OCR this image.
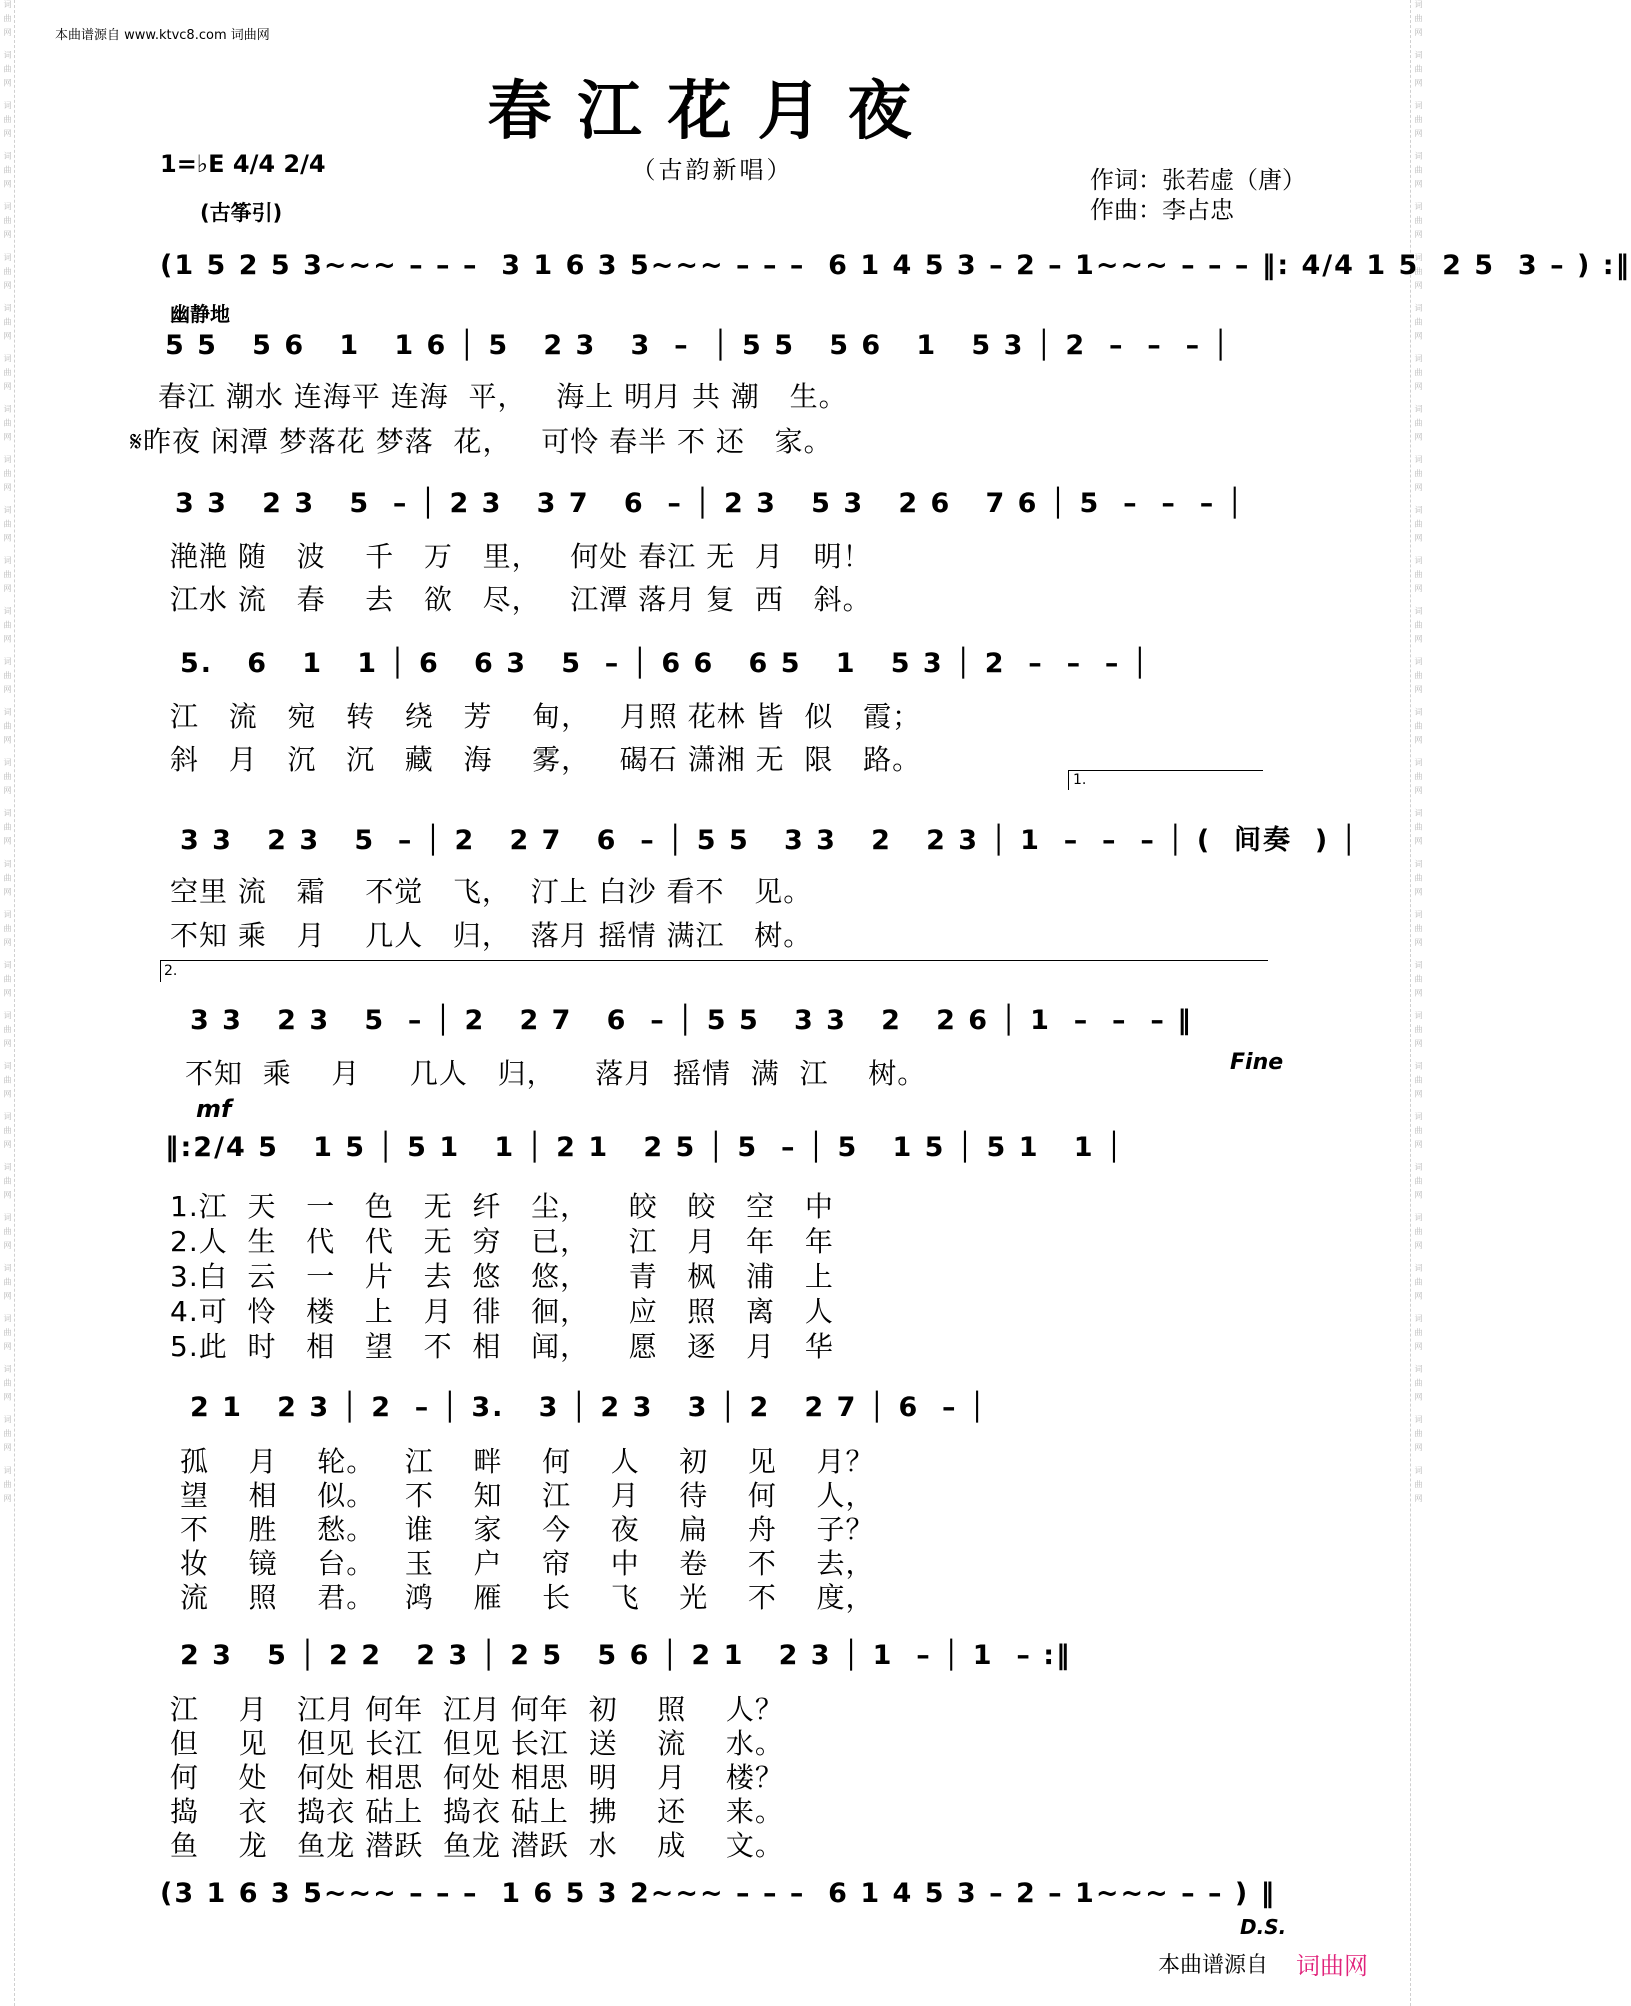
词曲网 词曲网 词曲网 词曲网 词曲网 词曲网 词曲网 词曲网 词曲网 词曲网 词曲网 词曲网 词曲网 词曲网 词曲网 词曲网 词曲网 词曲网 词曲网 词曲网 词曲网 词曲网 词曲网 词曲网 词曲网 词曲网 词曲网 词曲网 词曲网 词曲网	词曲网 词曲网 词曲网 词曲网 词曲网 词曲网 词曲网 词曲网 词曲网 词曲网 词曲网 词曲网 词曲网 词曲网 词曲网 词曲网 词曲网 词曲网 词曲网 词曲网 词曲网 词曲网 词曲网 词曲网 词曲网 词曲网 词曲网 词曲网 词曲网 词曲网
本曲谱源自 www.ktvc8.com 词曲网
春江花月夜
（古韵新唱）
1=♭E 4/4 2/4
作词：张若虚（唐）
作曲：李占忠
(古筝引)
(1 5 2 5 3~~~ – – –  3 1 6 3 5~~~ – – –  6 1 4 5 3 – 2 – 1~~~ – – – ‖: 4/4 1 5  2 5  3 – ) :‖
幽静地
5 5   5 6   1   1 6 │ 5   2 3   3  –  │ 5 5   5 6   1   5 3 │ 2  –  –  – │
春江 潮水 连海平 连海  平，   海上 明月 共 潮   生。
𝄋昨夜 闲潭 梦落花 梦落  花，   可怜 春半 不 还   家。
3 3   2 3   5  – │ 2 3   3 7   6  – │ 2 3   5 3   2 6   7 6 │ 5  –  –  – │
滟滟 随   波    千   万   里，   何处 春江 无  月   明！
江水 流   春    去   欲   尽，   江潭 落月 复  西   斜。
5.   6   1   1 │ 6   6 3   5  – │ 6 6   6 5   1   5 3 │ 2  –  –  – │
江   流   宛   转   绕   芳    甸，   月照 花林 皆  似   霞；
斜   月   沉   沉   藏   海    雾，   碣石 潇湘 无  限   路。
1.
3 3   2 3   5  – │ 2   2 7   6  – │ 5 5   3 3   2   2 3 │ 1  –  –  – │ (  间奏  ) │
空里 流   霜    不觉   飞，  汀上 白沙 看不   见。
不知 乘   月    几人   归，  落月 摇情 满江   树。
2.
3 3   2 3   5  – │ 2   2 7   6  – │ 5 5   3 3   2   2 6 │ 1  –  –  – ‖
不知  乘    月     几人   归，    落月  摇情  满  江    树。	Fine
mf
‖:2/4 5   1 5 │ 5 1   1 │ 2 1   2 5 │ 5  – │ 5   1 5 │ 5 1   1 │
1.江  天   一   色   无  纤   尘，    皎   皎   空   中
2.人  生   代   代   无  穷   已，    江   月   年   年
3.白  云   一   片   去  悠   悠，    青   枫   浦   上
4.可  怜   楼   上   月  徘   徊，    应   照   离   人
5.此  时   相   望   不  相   闻，    愿   逐   月   华
2 1   2 3 │ 2  – │ 3.   3 │ 2 3   3 │ 2   2 7 │ 6  – │
孤    月    轮。   江    畔    何    人    初    见    月？
望    相    似。   不    知    江    月    待    何    人，
不    胜    愁。   谁    家    今    夜    扁    舟    子？
妆    镜    台。   玉    户    帘    中    卷    不    去，
流    照    君。   鸿    雁    长    飞    光    不    度，
2 3   5 │ 2 2   2 3 │ 2 5   5 6 │ 2 1   2 3 │ 1  – │ 1  – :‖
江    月   江月 何年  江月 何年  初    照    人？
但    见   但见 长江  但见 长江  送    流    水。
何    处   何处 相思  何处 相思  明    月    楼？
捣    衣   捣衣 砧上  捣衣 砧上  拂    还    来。
鱼    龙   鱼龙 潜跃  鱼龙 潜跃  水    成    文。
(3 1 6 3 5~~~ – – –  1 6 5 3 2~~~ – – –  6 1 4 5 3 – 2 – 1~~~ – – ) ‖
D.S.
本曲谱源自 词曲网
